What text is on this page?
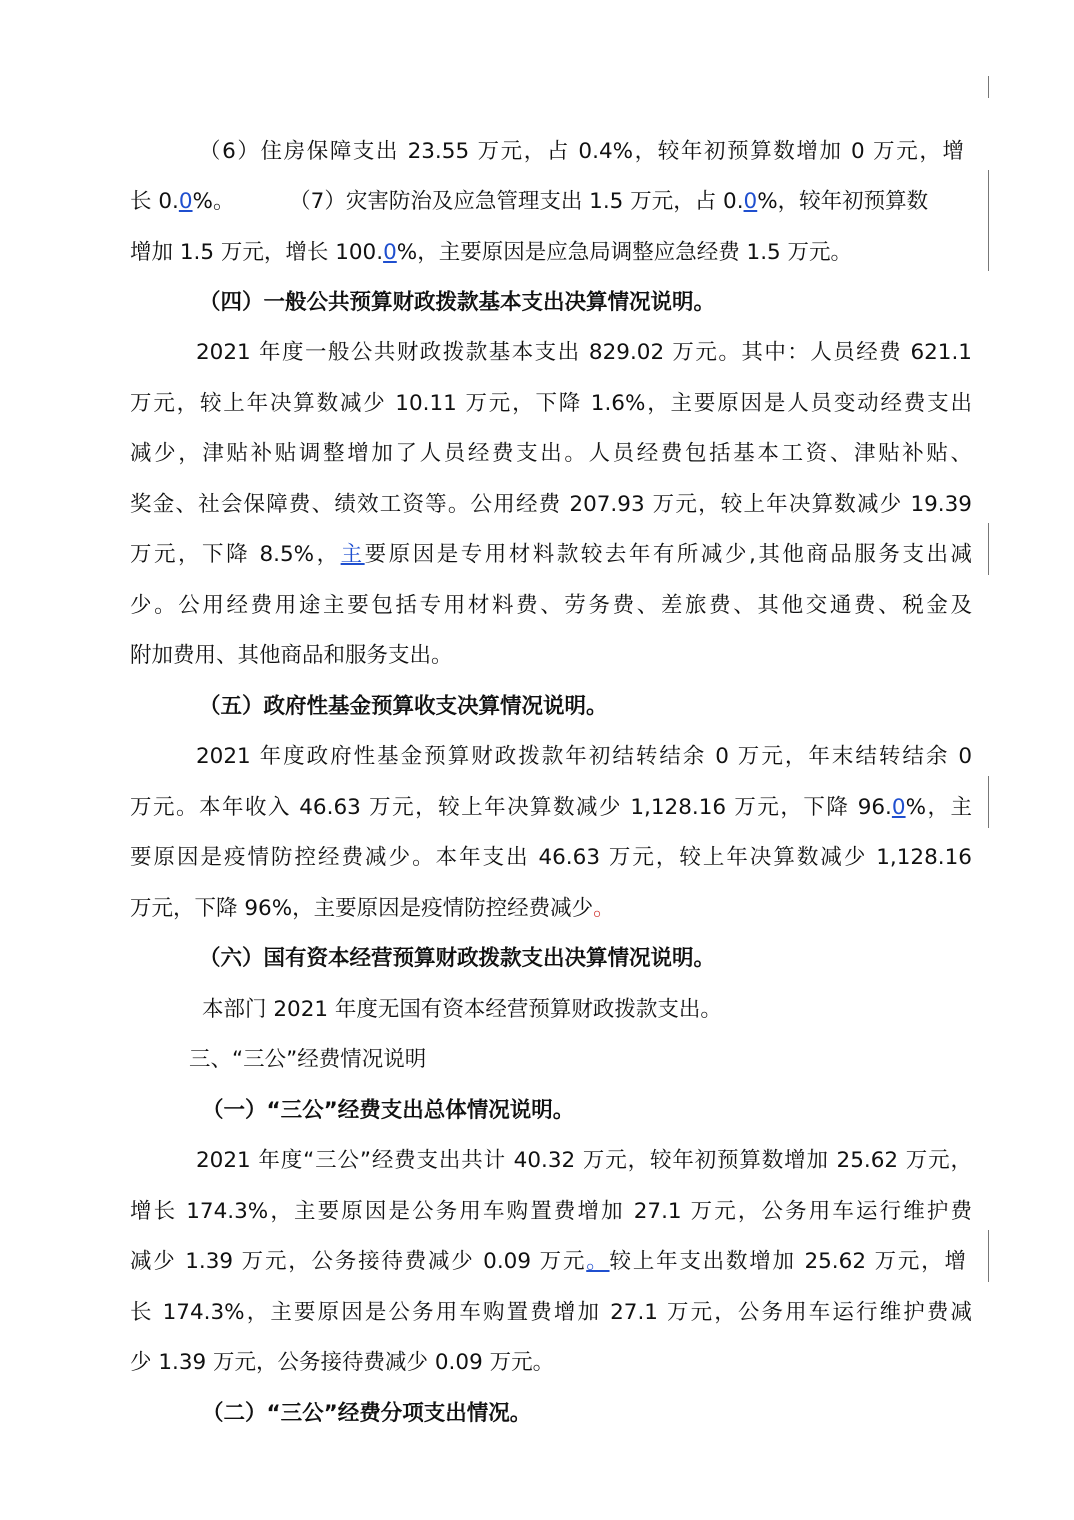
（6）住房保障支出 23.55 万元，占 0.4%，较年初预算数增加 0 万元，增
长 0.0%。        （7）灾害防治及应急管理支出 1.5 万元，占 0.0%，较年初预算数
增加 1.5 万元，增长 100.0%，主要原因是应急局调整应急经费 1.5 万元。
（四）一般公共预算财政拨款基本支出决算情况说明。
2021 年度一般公共财政拨款基本支出 829.02 万元。其中：人员经费 621.1
万元，较上年决算数减少 10.11 万元，下降 1.6%，主要原因是人员变动经费支出
减少，津贴补贴调整增加了人员经费支出。人员经费包括基本工资、津贴补贴、
奖金、社会保障费、绩效工资等。公用经费 207.93 万元，较上年决算数减少 19.39
万元，下降 8.5%，主要原因是专用材料款较去年有所减少,其他商品服务支出减
少。公用经费用途主要包括专用材料费、劳务费、差旅费、其他交通费、税金及
附加费用、其他商品和服务支出。
（五）政府性基金预算收支决算情况说明。
2021 年度政府性基金预算财政拨款年初结转结余 0 万元，年末结转结余 0
万元。本年收入 46.63 万元，较上年决算数减少 1,128.16 万元，下降 96.0%，主
要原因是疫情防控经费减少。本年支出 46.63 万元，较上年决算数减少 1,128.16
万元，下降 96%，主要原因是疫情防控经费减少。
（六）国有资本经营预算财政拨款支出决算情况说明。
本部门 2021 年度无国有资本经营预算财政拨款支出。
三、“三公”经费情况说明
（一）“三公”经费支出总体情况说明。
2021 年度“三公”经费支出共计 40.32 万元，较年初预算数增加 25.62 万元，
增长 174.3%，主要原因是公务用车购置费增加 27.1 万元，公务用车运行维护费
减少 1.39 万元，公务接待费减少 0.09 万元。较上年支出数增加 25.62 万元，增
长 174.3%，主要原因是公务用车购置费增加 27.1 万元，公务用车运行维护费减
少 1.39 万元，公务接待费减少 0.09 万元。
（二）“三公”经费分项支出情况。
